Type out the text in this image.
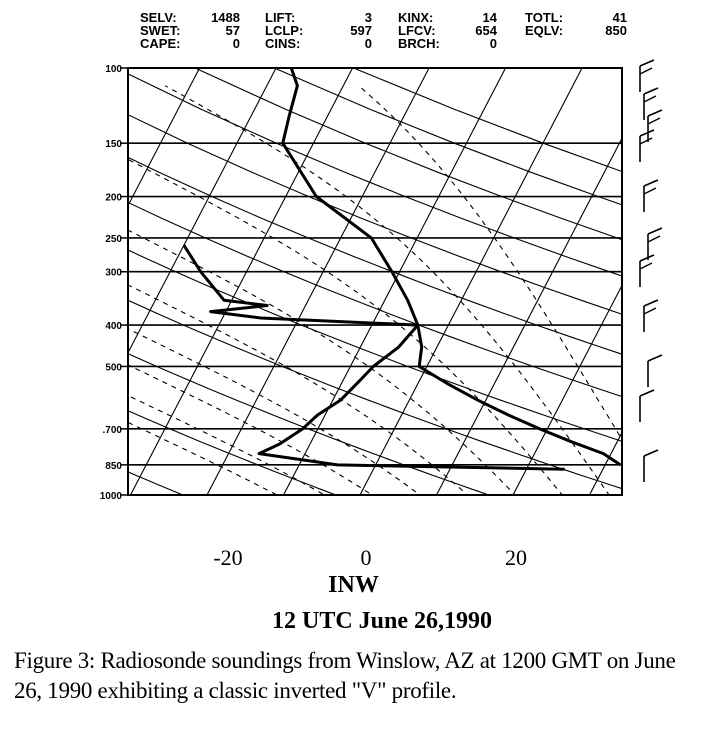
SELV:	1488 LIFT:	3 KINX:	14 TOTL:	41
SWET:	57 LCLP:	597 LFCV:	654 EQLV:	850
CAPE:	0 CINS:	0 BRCH:	0
100
150
200
250
300
400
500
.700
850
1000
-20	0	20
INW
12 UTC June 26,1990
Figure 3: Radiosonde soundings from Winslow, AZ at 1200 GMT on June 26, 1990 exhibiting a classic inverted "V" profile.
